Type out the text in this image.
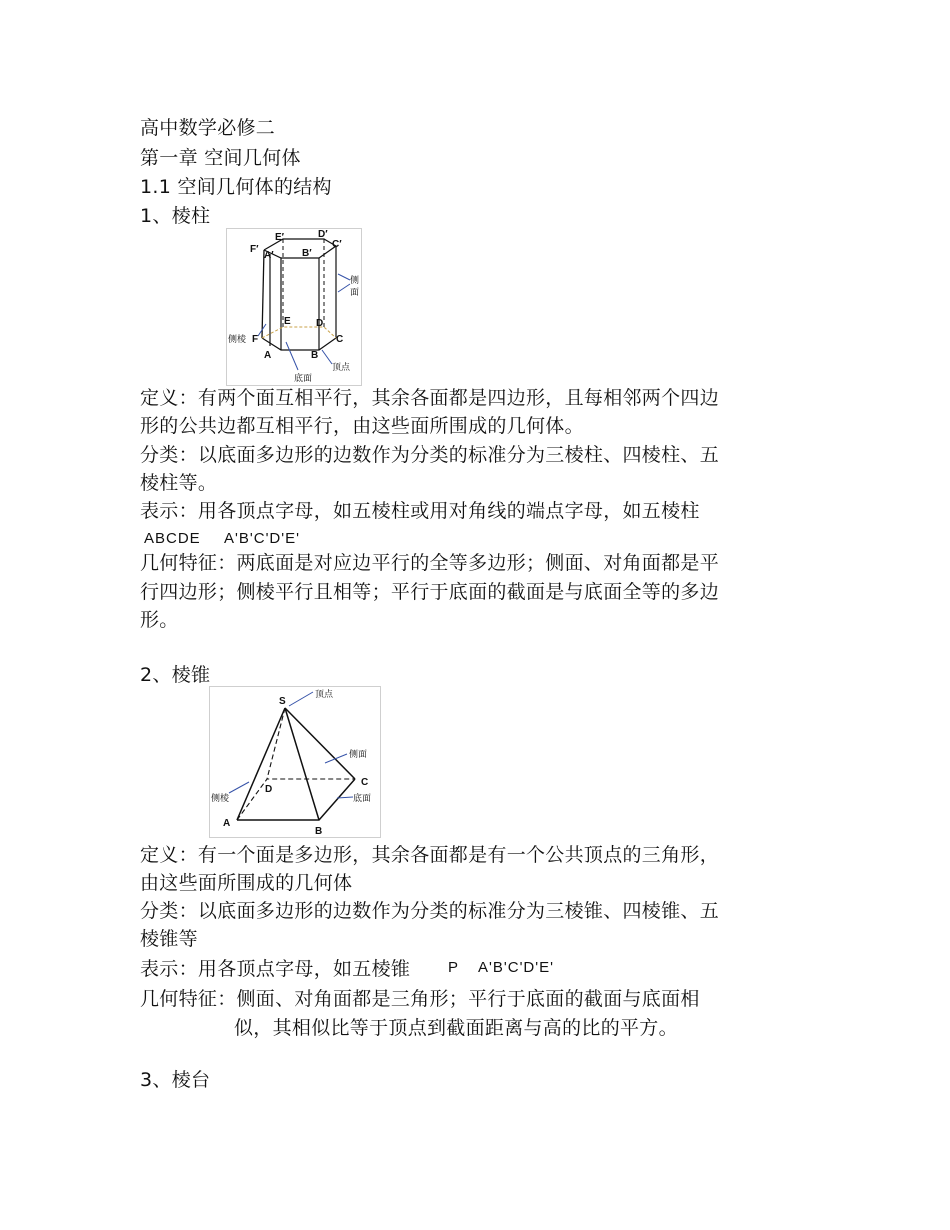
高中数学必修二
第一章 空间几何体
1.1 空间几何体的结构
1、棱柱
E′	D′
C′
F′
A′	B′
E	D
C
F
A	B
侧
面
侧棱
顶点
底面
定义：有两个面互相平行，其余各面都是四边形，且每相邻两个四边
形的公共边都互相平行，由这些面所围成的几何体。
分类：以底面多边形的边数作为分类的标准分为三棱柱、四棱柱、五
棱柱等。
表示：用各顶点字母，如五棱柱或用对角线的端点字母，如五棱柱
ABCDE A'B'C'D'E'
几何特征：两底面是对应边平行的全等多边形；侧面、对角面都是平
行四边形；侧棱平行且相等；平行于底面的截面是与底面全等的多边
形。
2、棱锥
S
A
B
C
D
顶点
侧面
侧棱	底面
定义：有一个面是多边形，其余各面都是有一个公共顶点的三角形，
由这些面所围成的几何体
分类：以底面多边形的边数作为分类的标准分为三棱锥、四棱锥、五
棱锥等
表示：用各顶点字母，如五棱锥	P A'B'C'D'E'
几何特征：侧面、对角面都是三角形；平行于底面的截面与底面相
似，其相似比等于顶点到截面距离与高的比的平方。
3、棱台
